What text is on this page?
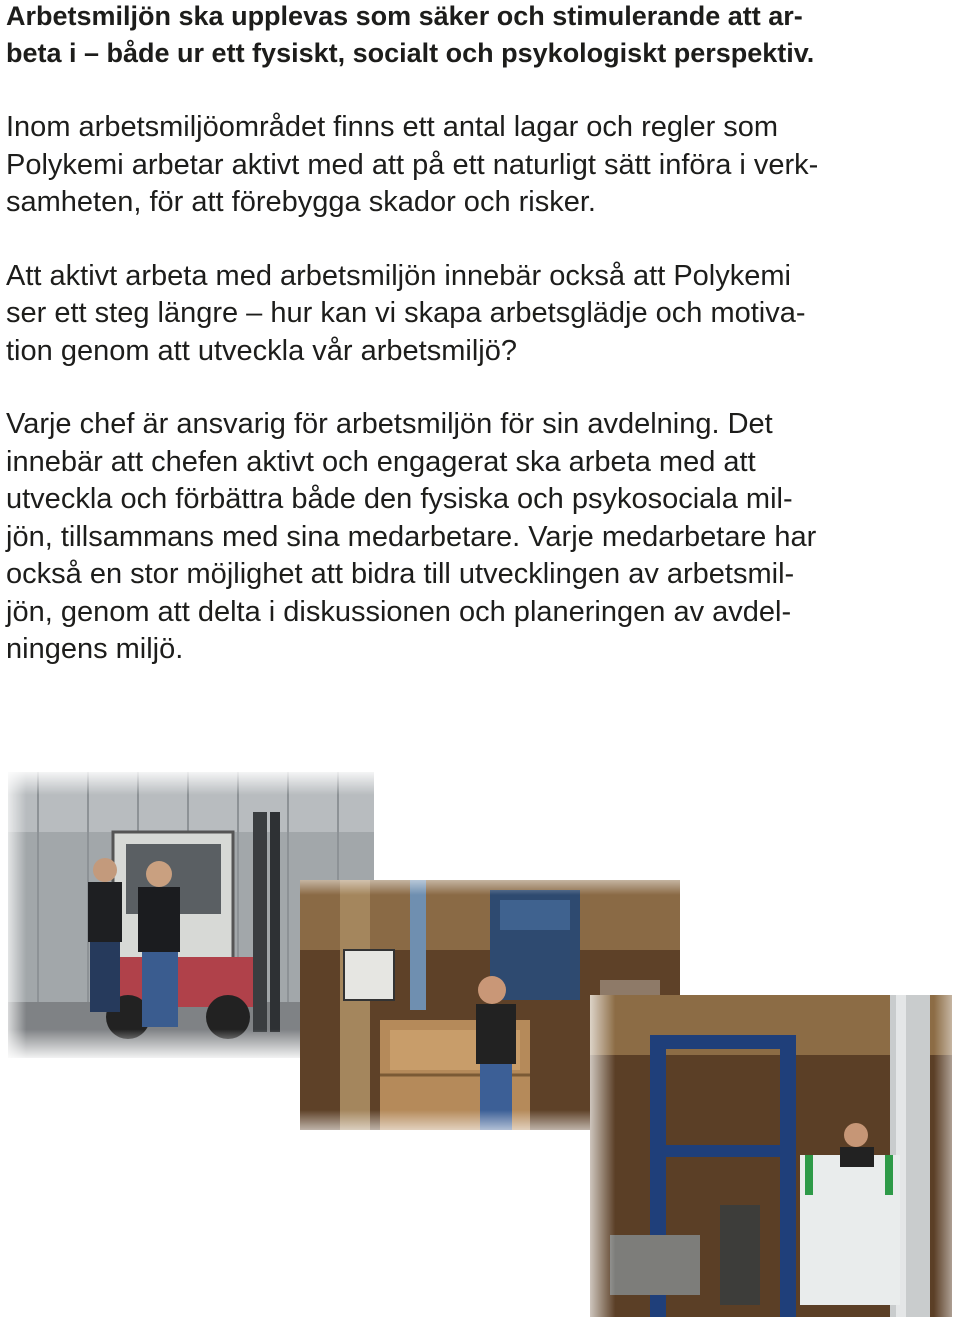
Arbetsmiljön ska upplevas som säker och stimulerande att ar-

beta i – både ur ett fysiskt, socialt och psykologiskt perspektiv.

Inom arbetsmiljöområdet finns ett antal lagar och regler som

Polykemi arbetar aktivt med att på ett naturligt sätt införa i verk-

samheten, för att förebygga skador och risker.

Att aktivt arbeta med arbetsmiljön innebär också att Polykemi

ser ett steg längre – hur kan vi skapa arbetsglädje och motiva-

tion genom att utveckla vår arbetsmiljö?

Varje chef är ansvarig för arbetsmiljön för sin avdelning. Det

innebär att chefen aktivt och engagerat ska arbeta med att

utveckla och förbättra både den fysiska och psykosociala mil-

jön, tillsammans med sina medarbetare. Varje medarbetare har

också en stor möjlighet att bidra till utvecklingen av arbetsmil-

jön, genom att delta i diskussionen och planeringen av avdel-

ningens miljö.
